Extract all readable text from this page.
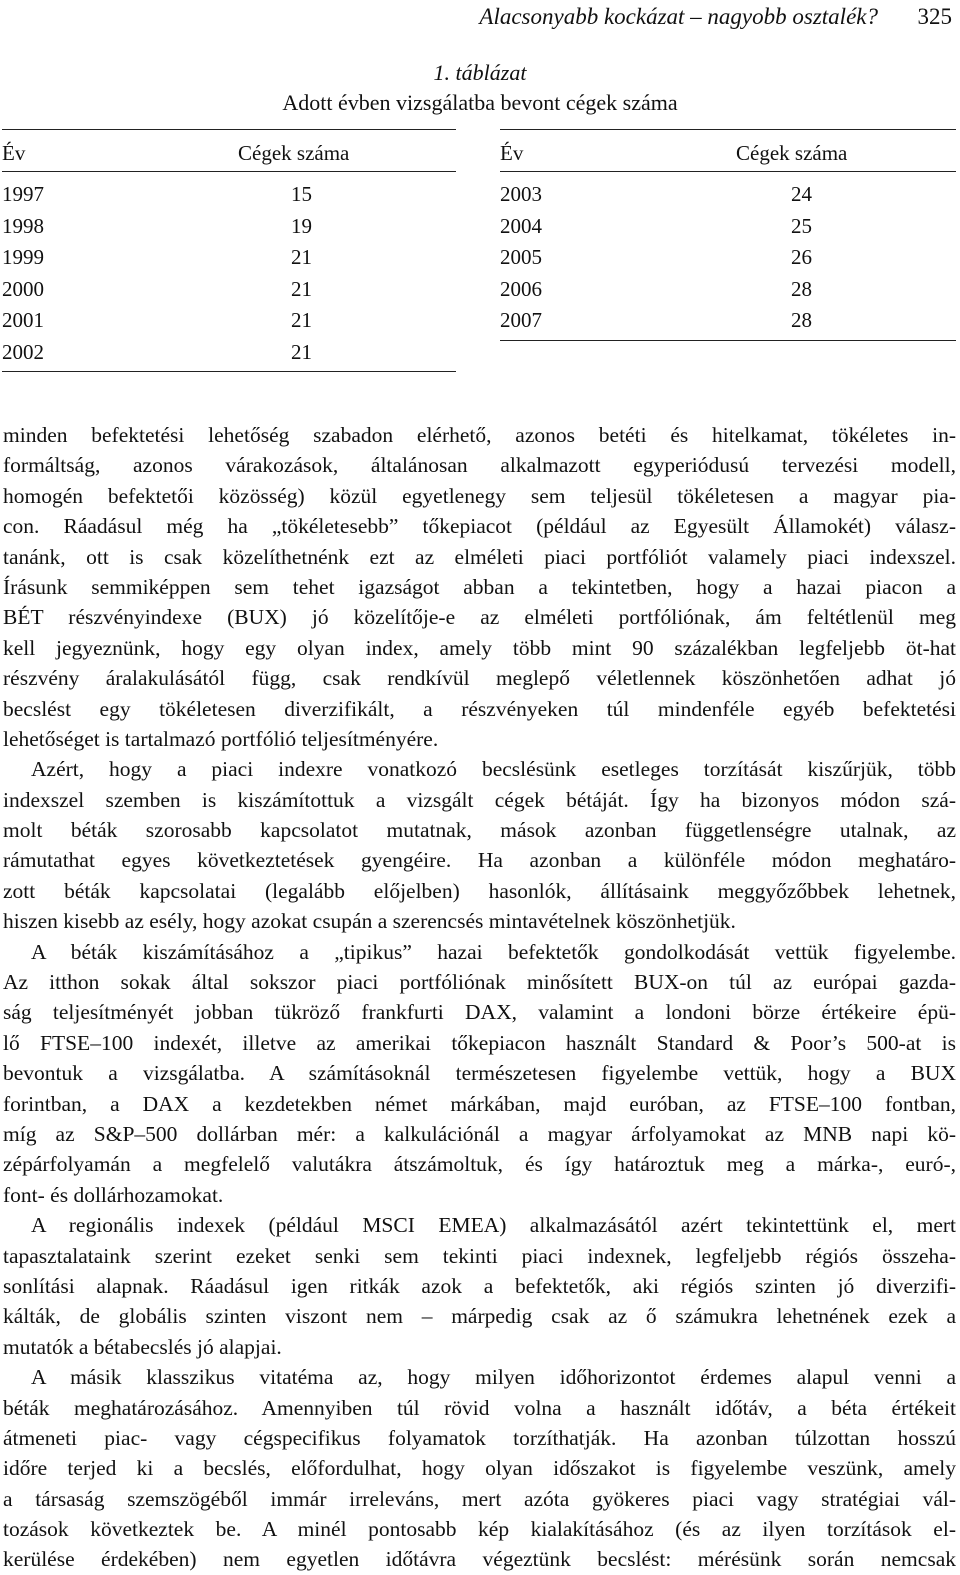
Alacsonyabb kockázat – nagyobb osztalék? 325
1. táblázat
Adott évben vizsgálatba bevont cégek száma
Év	Cégek száma
1997	15
1998	19
1999	21
2000	21
2001	21
2002	21
Év	Cégek száma
2003	24
2004	25
2005	26
2006	28
2007	28
minden befektetési lehetőség szabadon elérhető, azonos betéti és hitelkamat, tökéletes in-
formáltság, azonos várakozások, általánosan alkalmazott egyperiódusú tervezési modell,
homogén befektetői közösség) közül egyetlenegy sem teljesül tökéletesen a magyar pia-
con. Ráadásul még ha „tökéletesebb” tőkepiacot (például az Egyesült Államokét) válasz-
tanánk, ott is csak közelíthetnénk ezt az elméleti piaci portfóliót valamely piaci indexszel.
Írásunk semmiképpen sem tehet igazságot abban a tekintetben, hogy a hazai piacon a
BÉT részvényindexe (BUX) jó közelítője-e az elméleti portfóliónak, ám feltétlenül meg
kell jegyeznünk, hogy egy olyan index, amely több mint 90 százalékban legfeljebb öt-hat
részvény áralakulásától függ, csak rendkívül meglepő véletlennek köszönhetően adhat jó
becslést egy tökéletesen diverzifikált, a részvényeken túl mindenféle egyéb befektetési
lehetőséget is tartalmazó portfólió teljesítményére.
Azért, hogy a piaci indexre vonatkozó becslésünk esetleges torzítását kiszűrjük, több
indexszel szemben is kiszámítottuk a vizsgált cégek bétáját. Így ha bizonyos módon szá-
molt béták szorosabb kapcsolatot mutatnak, mások azonban függetlenségre utalnak, az
rámutathat egyes következtetések gyengéire. Ha azonban a különféle módon meghatáro-
zott béták kapcsolatai (legalább előjelben) hasonlók, állításaink meggyőzőbbek lehetnek,
hiszen kisebb az esély, hogy azokat csupán a szerencsés mintavételnek köszönhetjük.
A béták kiszámításához a „tipikus” hazai befektetők gondolkodását vettük figyelembe.
Az itthon sokak által sokszor piaci portfóliónak minősített BUX-on túl az európai gazda-
ság teljesítményét jobban tükröző frankfurti DAX, valamint a londoni börze értékeire épü-
lő FTSE–100 indexét, illetve az amerikai tőkepiacon használt Standard & Poor’s 500-at is
bevontuk a vizsgálatba. A számításoknál természetesen figyelembe vettük, hogy a BUX
forintban, a DAX a kezdetekben német márkában, majd euróban, az FTSE–100 fontban,
míg az S&P–500 dollárban mér: a kalkulációnál a magyar árfolyamokat az MNB napi kö-
zépárfolyamán a megfelelő valutákra átszámoltuk, és így határoztuk meg a márka-, euró-,
font- és dollárhozamokat.
A regionális indexek (például MSCI EMEA) alkalmazásától azért tekintettünk el, mert
tapasztalataink szerint ezeket senki sem tekinti piaci indexnek, legfeljebb régiós összeha-
sonlítási alapnak. Ráadásul igen ritkák azok a befektetők, aki régiós szinten jó diverzifi-
kálták, de globális szinten viszont nem – márpedig csak az ő számukra lehetnének ezek a
mutatók a bétabecslés jó alapjai.
A másik klasszikus vitatéma az, hogy milyen időhorizontot érdemes alapul venni a
béták meghatározásához. Amennyiben túl rövid volna a használt időtáv, a béta értékeit
átmeneti piac- vagy cégspecifikus folyamatok torzíthatják. Ha azonban túlzottan hosszú
időre terjed ki a becslés, előfordulhat, hogy olyan időszakot is figyelembe veszünk, amely
a társaság szemszögéből immár irreleváns, mert azóta gyökeres piaci vagy stratégiai vál-
tozások következtek be. A minél pontosabb kép kialakításához (és az ilyen torzítások el-
kerülése érdekében) nem egyetlen időtávra végeztünk becslést: mérésünk során nemcsak
